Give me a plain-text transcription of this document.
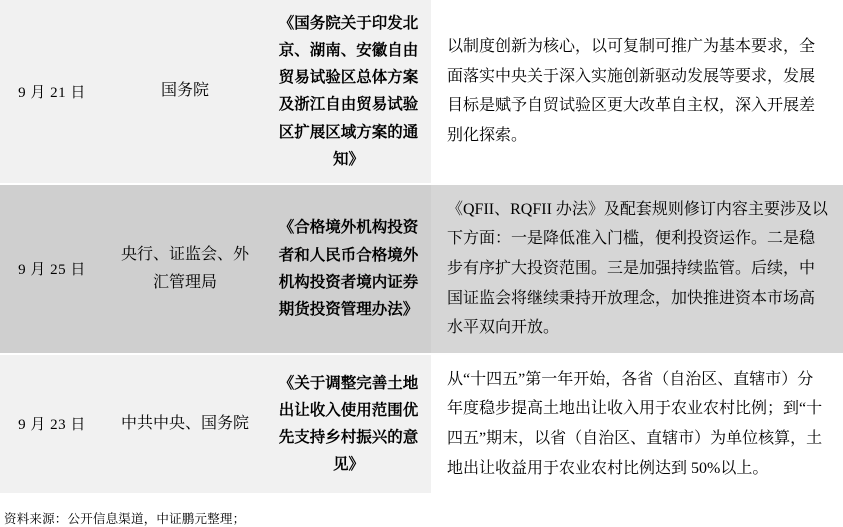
9 月 21 日	国务院	《国务院关于印发北京、湖南、安徽自由贸易试验区总体方案及浙江自由贸易试验区扩展区域方案的通知》	以制度创新为核心，以可复制可推广为基本要求，全面落实中央关于深入实施创新驱动发展等要求，发展目标是赋予自贸试验区更大改革自主权，深入开展差别化探索。

9 月 25 日	央行、证监会、外汇管理局	《合格境外机构投资者和人民币合格境外机构投资者境内证券期货投资管理办法》	《QFII、RQFII 办法》及配套规则修订内容主要涉及以下方面：一是降低准入门槛，便利投资运作。二是稳步有序扩大投资范围。三是加强持续监管。后续，中国证监会将继续秉持开放理念，加快推进资本市场高水平双向开放。

9 月 23 日	中共中央、国务院	《关于调整完善土地出让收入使用范围优先支持乡村振兴的意见》	从“十四五”第一年开始，各省（自治区、直辖市）分年度稳步提高土地出让收入用于农业农村比例；到“十四五”期末，以省（自治区、直辖市）为单位核算，土地出让收益用于农业农村比例达到 50%以上。
资料来源：公开信息渠道，中证鹏元整理；
